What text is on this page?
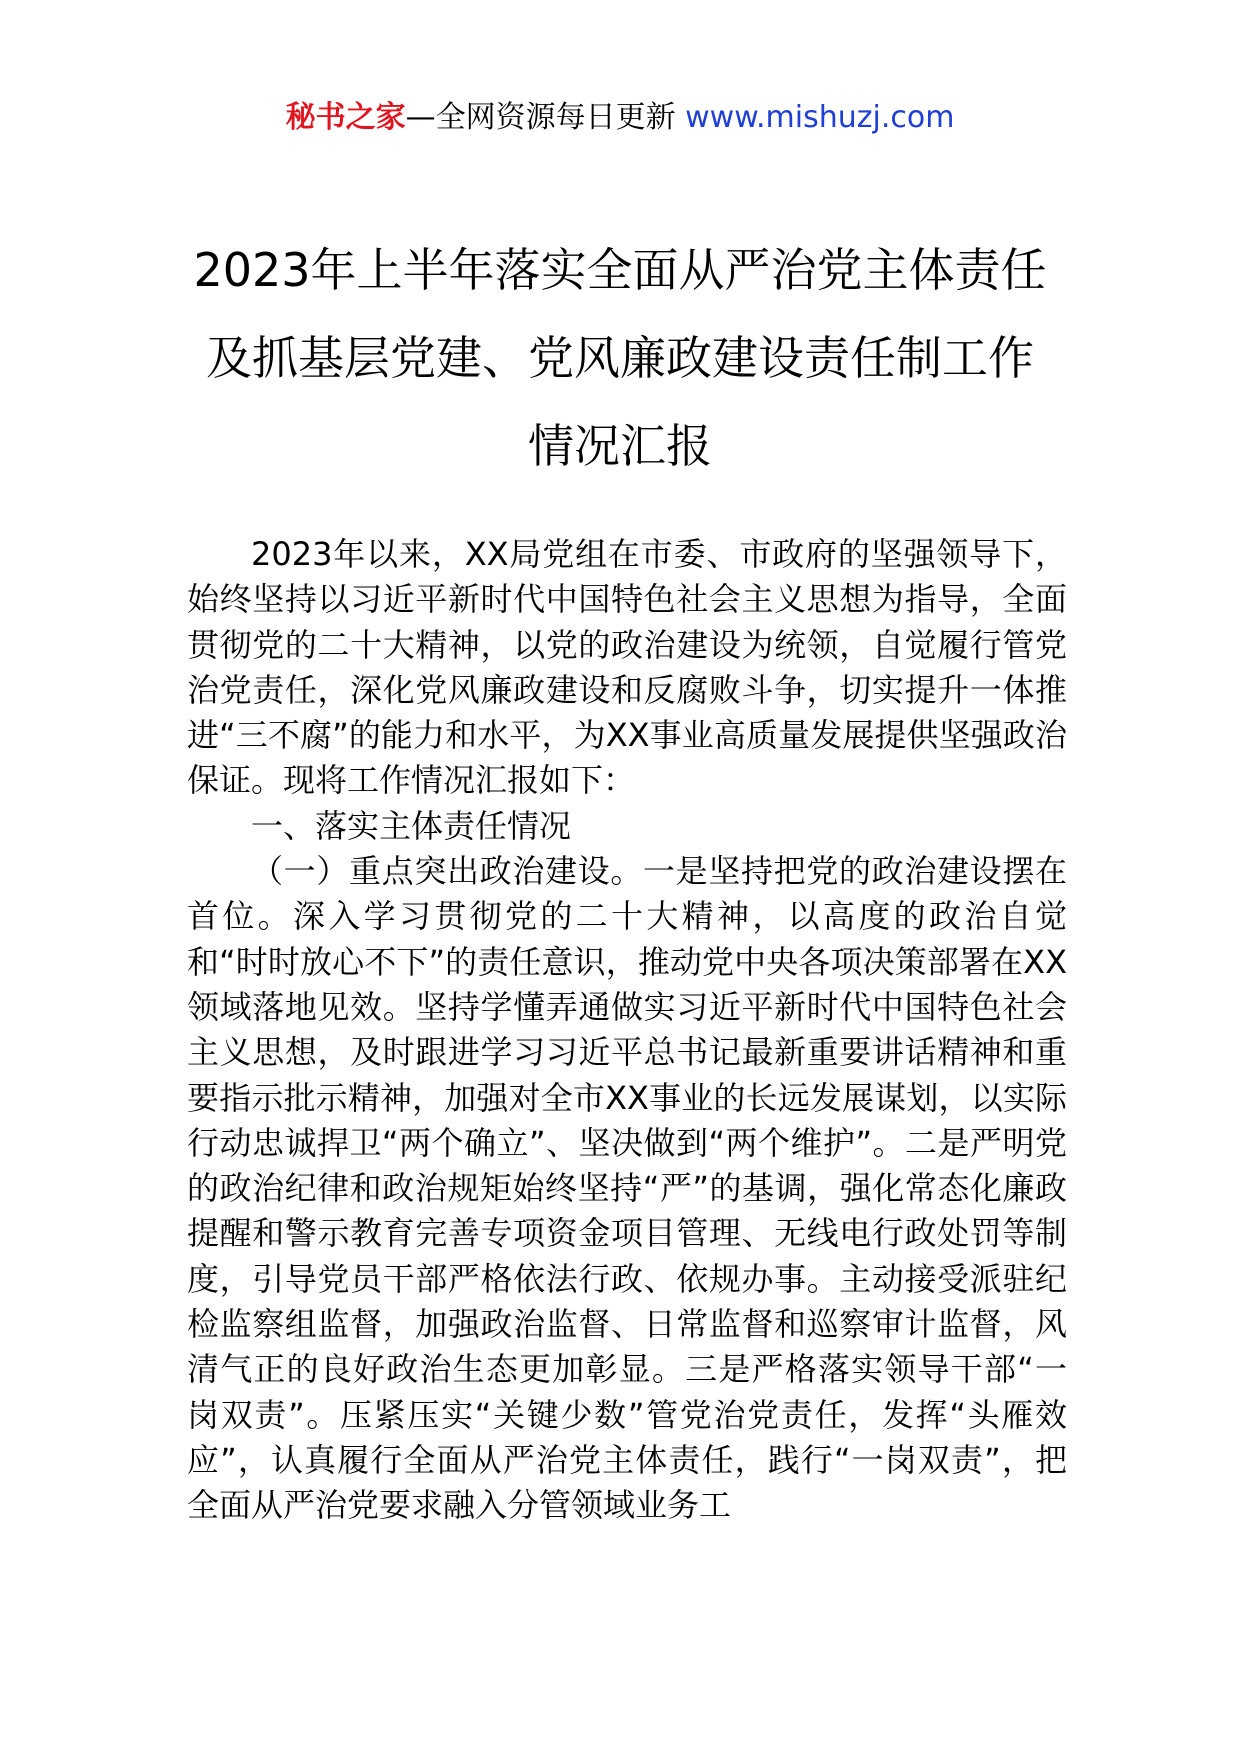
秘书之家—全网资源每日更新 www.mishuzj.com
2023年上半年落实全面从严治党主体责任
及抓基层党建、党风廉政建设责任制工作
情况汇报

2023年以来，XX局党组在市委、市政府的坚强领导下，始终坚持以习近平新时代中国特色社会主义思想为指导，全面贯彻党的二十大精神，以党的政治建设为统领，自觉履行管党治党责任，深化党风廉政建设和反腐败斗争，切实提升一体推进“三不腐”的能力和水平，为XX事业高质量发展提供坚强政治保证。现将工作情况汇报如下：

一、落实主体责任情况

（一）重点突出政治建设。一是坚持把党的政治建设摆在首位。深入学习贯彻党的二十大精神，以高度的政治自觉和“时时放心不下”的责任意识，推动党中央各项决策部署在XX领域落地见效。坚持学懂弄通做实习近平新时代中国特色社会主义思想，及时跟进学习习近平总书记最新重要讲话精神和重要指示批示精神，加强对全市XX事业的长远发展谋划，以实际行动忠诚捍卫“两个确立”、坚决做到“两个维护”。二是严明党的政治纪律和政治规矩始终坚持“严”的基调，强化常态化廉政提醒和警示教育完善专项资金项目管理、无线电行政处罚等制度，引导党员干部严格依法行政、依规办事。主动接受派驻纪检监察组监督，加强政治监督、日常监督和巡察审计监督，风清气正的良好政治生态更加彰显。三是严格落实领导干部“一岗双责”。压紧压实“关键少数”管党治党责任，发挥“头雁效应”，认真履行全面从严治党主体责任，践行“一岗双责”，把全面从严治党要求融入分管领域业务工
